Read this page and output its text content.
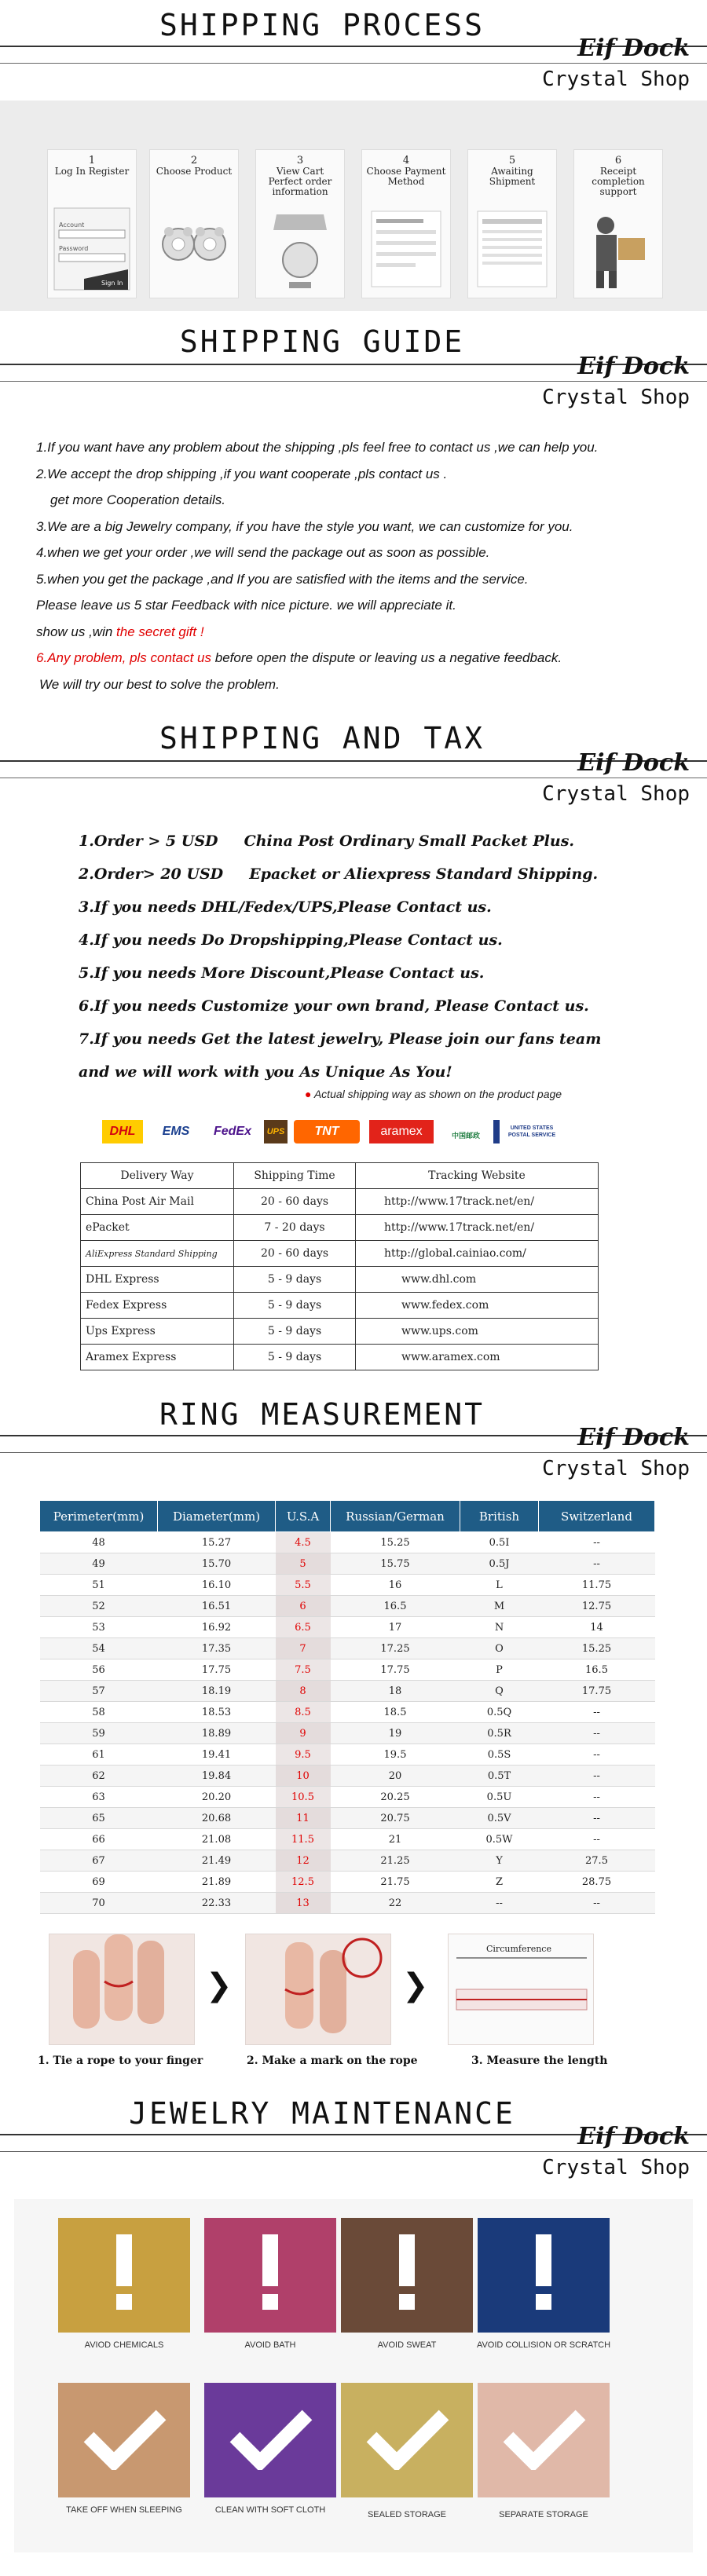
SHIPPING PROCESS
Eif Dock
Crystal Shop
1
Log In Register
Account
Password
Sign In
2
Choose Product
3
View Cart Perfect order information
4
Choose Payment Method
5
Awaiting Shipment
6
Receipt completion support
SHIPPING GUIDE
Eif Dock
Crystal Shop
1.If you want have any problem about the shipping ,pls feel free to contact us ,we can help you.
2.We accept the drop shipping ,if you want cooperate ,pls contact us .
get more Cooperation details.
3.We are a big Jewelry company, if you have the style you want, we can customize for you.
4.when we get your order ,we will send the package out as soon as possible.
5.when you get the package ,and If you are satisfied with the items and the service.
Please leave us 5 star Feedback with nice picture. we will appreciate it.
show us ,win the secret gift !
6.Any problem, pls contact us before open the dispute or leaving us a negative feedback.
We will try our best to solve the problem.
SHIPPING AND TAX
Eif Dock
Crystal Shop
1.Order > 5 USD     China Post Ordinary Small Packet Plus.
2.Order> 20 USD     Epacket or Aliexpress Standard Shipping.
3.If you needs DHL/Fedex/UPS,Please Contact us.
4.If you needs Do Dropshipping,Please Contact us.
5.If you needs More Discount,Please Contact us.
6.If you needs Customize your own brand, Please Contact us.
7.If you needs Get the latest jewelry, Please join our fans team
and we will work with you As Unique As You!
● Actual shipping way as shown on the product page
DHL	EMS	FedEx	UPS	TNT	aramex	中国邮政
UNITED STATES POSTAL SERVICE
Delivery Way	Shipping Time	Tracking Website
China Post Air Mail	20 - 60 days	http://www.17track.net/en/
ePacket	7 - 20 days	http://www.17track.net/en/
AliExpress Standard Shipping	20 - 60 days	http://global.cainiao.com/
DHL Express	5 - 9 days	www.dhl.com
Fedex Express	5 - 9 days	www.fedex.com
Ups Express	5 - 9 days	www.ups.com
Aramex Express	5 - 9 days	www.aramex.com
RING MEASUREMENT
Eif Dock
Crystal Shop
Perimeter(mm)	Diameter(mm)	U.S.A	Russian/German	British	Switzerland
48	15.27	4.5	15.25	0.5I	--
49	15.70	5	15.75	0.5J	--
51	16.10	5.5	16	L	11.75
52	16.51	6	16.5	M	12.75
53	16.92	6.5	17	N	14
54	17.35	7	17.25	O	15.25
56	17.75	7.5	17.75	P	16.5
57	18.19	8	18	Q	17.75
58	18.53	8.5	18.5	0.5Q	--
59	18.89	9	19	0.5R	--
61	19.41	9.5	19.5	0.5S	--
62	19.84	10	20	0.5T	--
63	20.20	10.5	20.25	0.5U	--
65	20.68	11	20.75	0.5V	--
66	21.08	11.5	21	0.5W	--
67	21.49	12	21.25	Y	27.5
69	21.89	12.5	21.75	Z	28.75
70	22.33	13	22	--	--
❯	❯
Circumference
1. Tie a rope to your finger	2. Make a mark on the rope	3. Measure the length
JEWELRY MAINTENANCE
Eif Dock
Crystal Shop
AVIOD CHEMICALS	AVOID BATH	AVOID SWEAT	AVOID COLLISION OR SCRATCH
TAKE OFF WHEN SLEEPING	CLEAN WITH SOFT CLOTH	SEALED STORAGE	SEPARATE STORAGE
